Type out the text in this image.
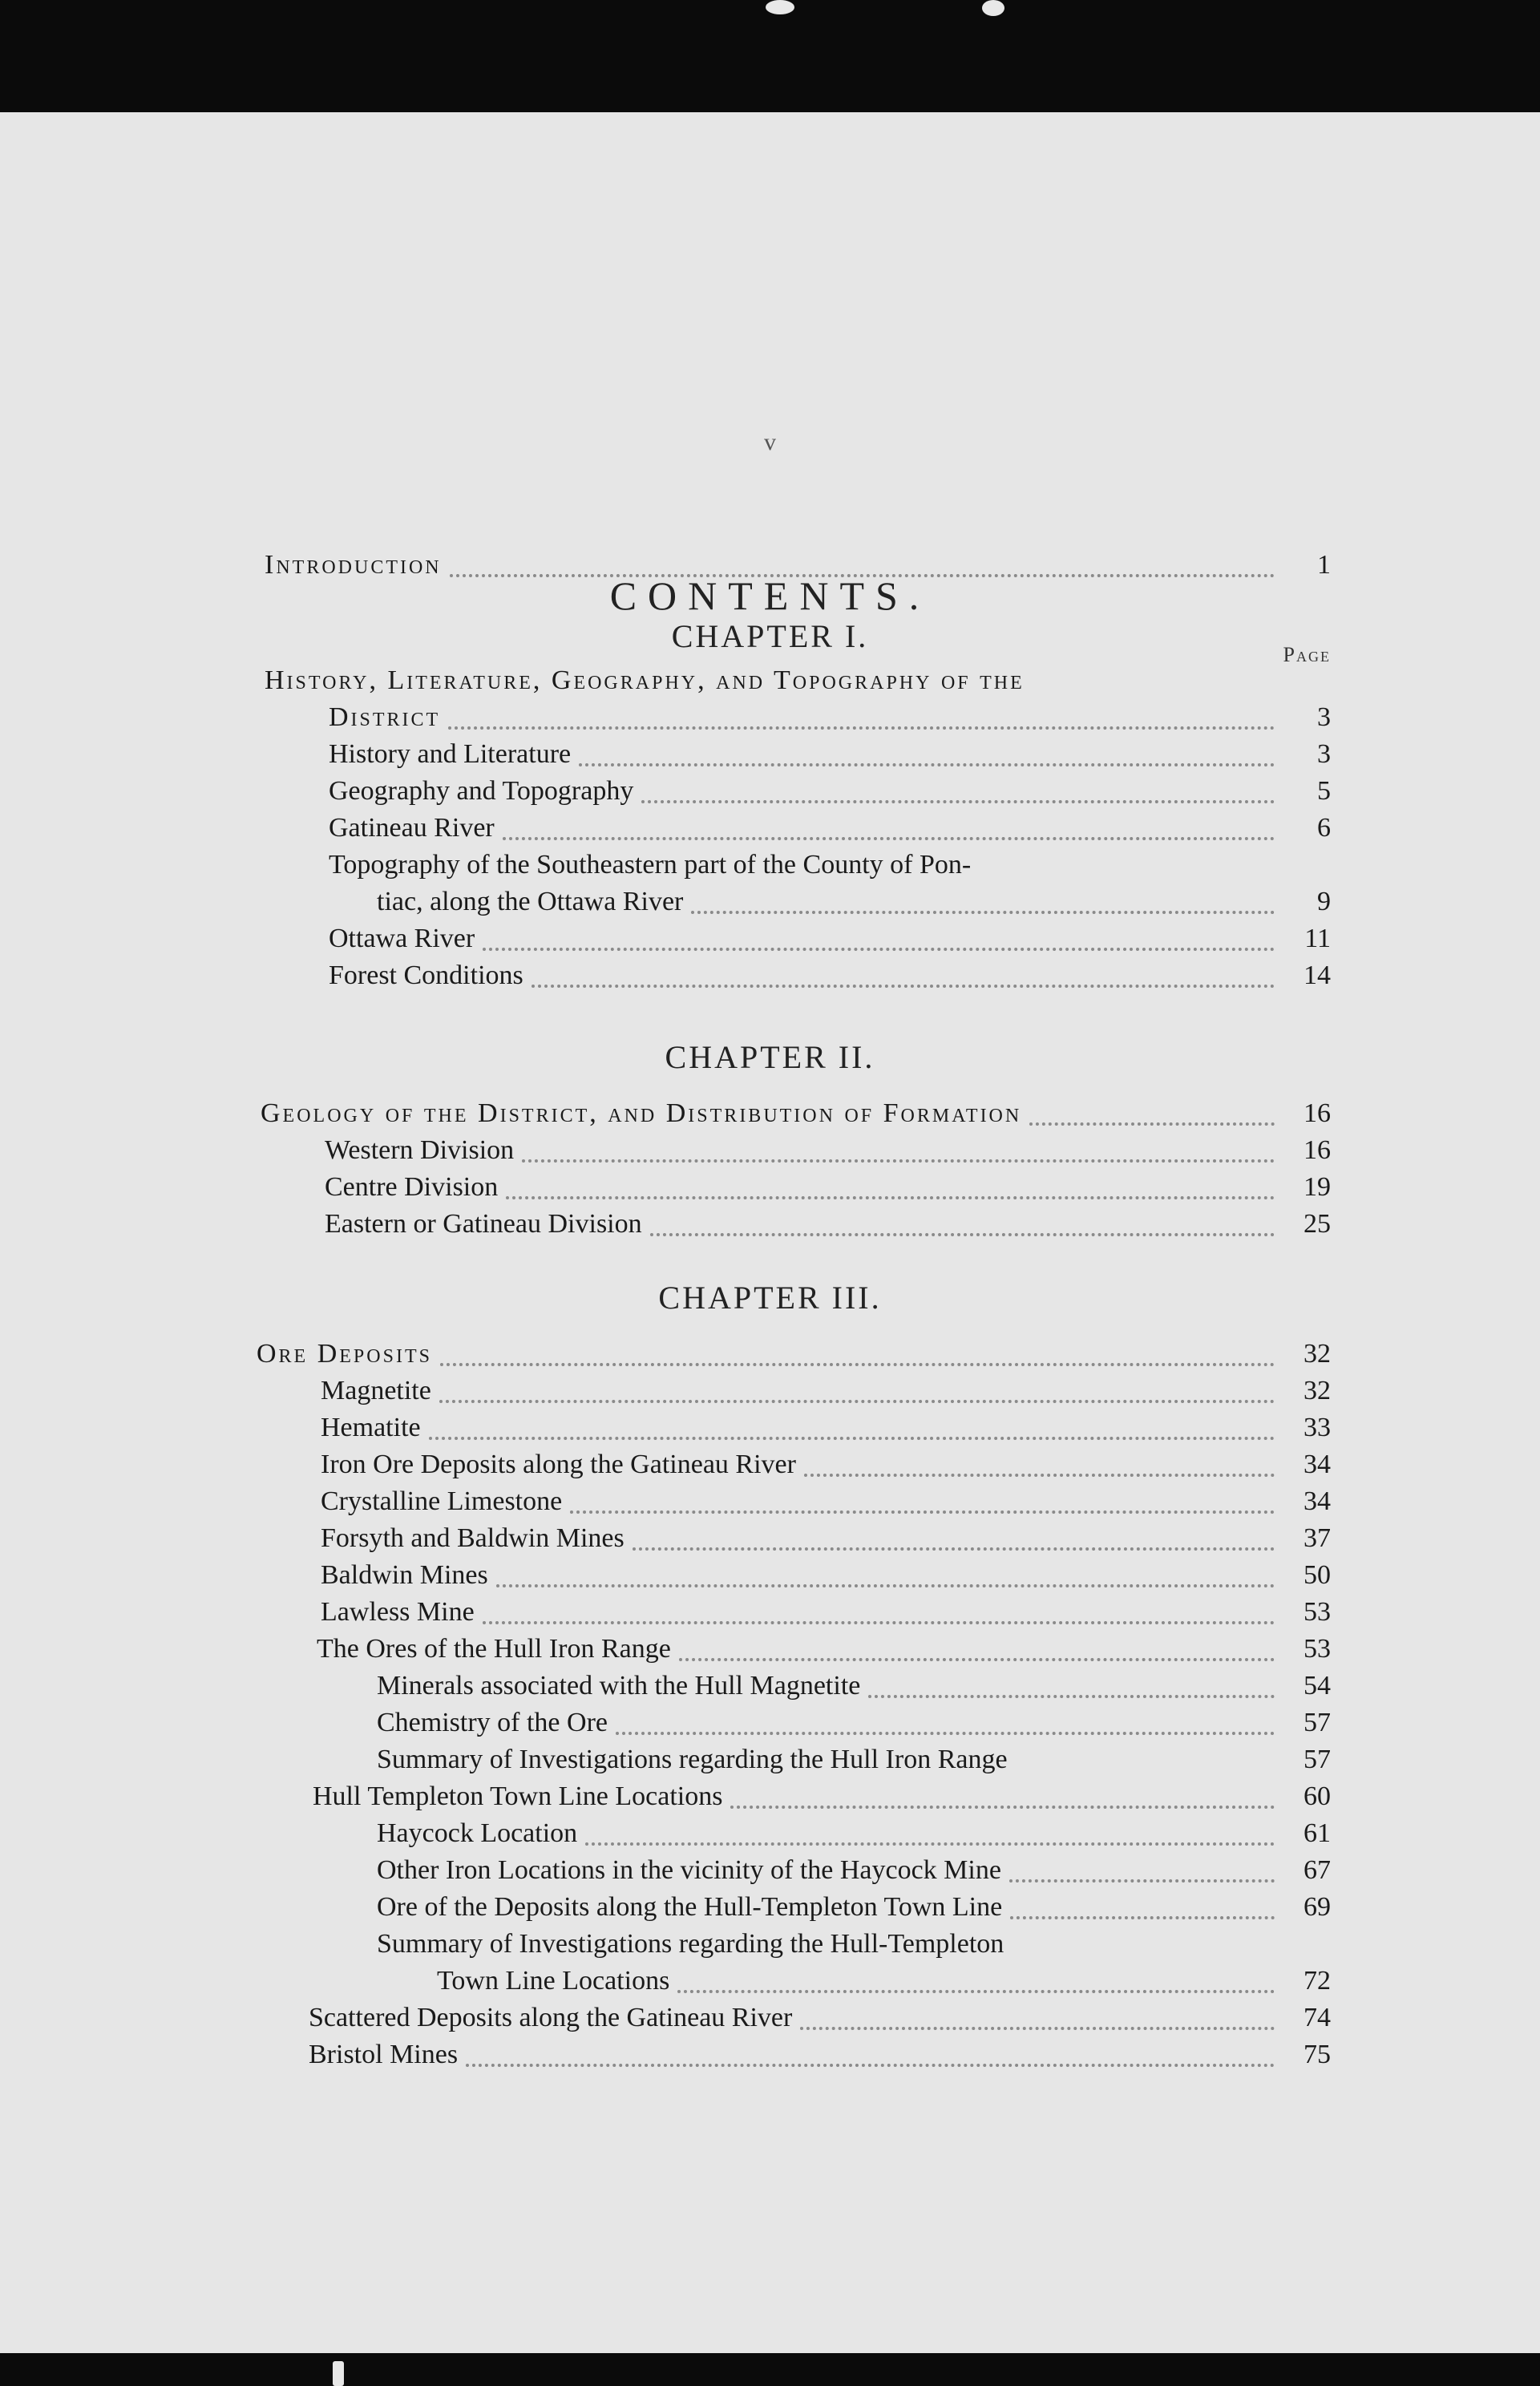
v
CONTENTS.
Page
CHAPTER I.
CHAPTER II.
CHAPTER III.
Introduction	1
History, Literature, Geography, and Topography of the
District	3
History and Literature	3
Geography and Topography	5
Gatineau River	6
Topography of the Southeastern part of the County of Pon-
tiac, along the Ottawa River	9
Ottawa River	11
Forest Conditions	14
Geology of the District, and Distribution of Formation	16
Western Division	16
Centre Division	19
Eastern or Gatineau Division	25
Ore Deposits	32
Magnetite	32
Hematite	33
Iron Ore Deposits along the Gatineau River	34
Crystalline Limestone	34
Forsyth and Baldwin Mines	37
Baldwin Mines	50
Lawless Mine	53
The Ores of the Hull Iron Range	53
Minerals associated with the Hull Magnetite	54
Chemistry of the Ore	57
Summary of Investigations regarding the Hull Iron Range	57
Hull Templeton Town Line Locations	60
Haycock Location	61
Other Iron Locations in the vicinity of the Haycock Mine	67
Ore of the Deposits along the Hull-Templeton Town Line	69
Summary of Investigations regarding the Hull-Templeton
Town Line Locations	72
Scattered Deposits along the Gatineau River	74
Bristol Mines	75
